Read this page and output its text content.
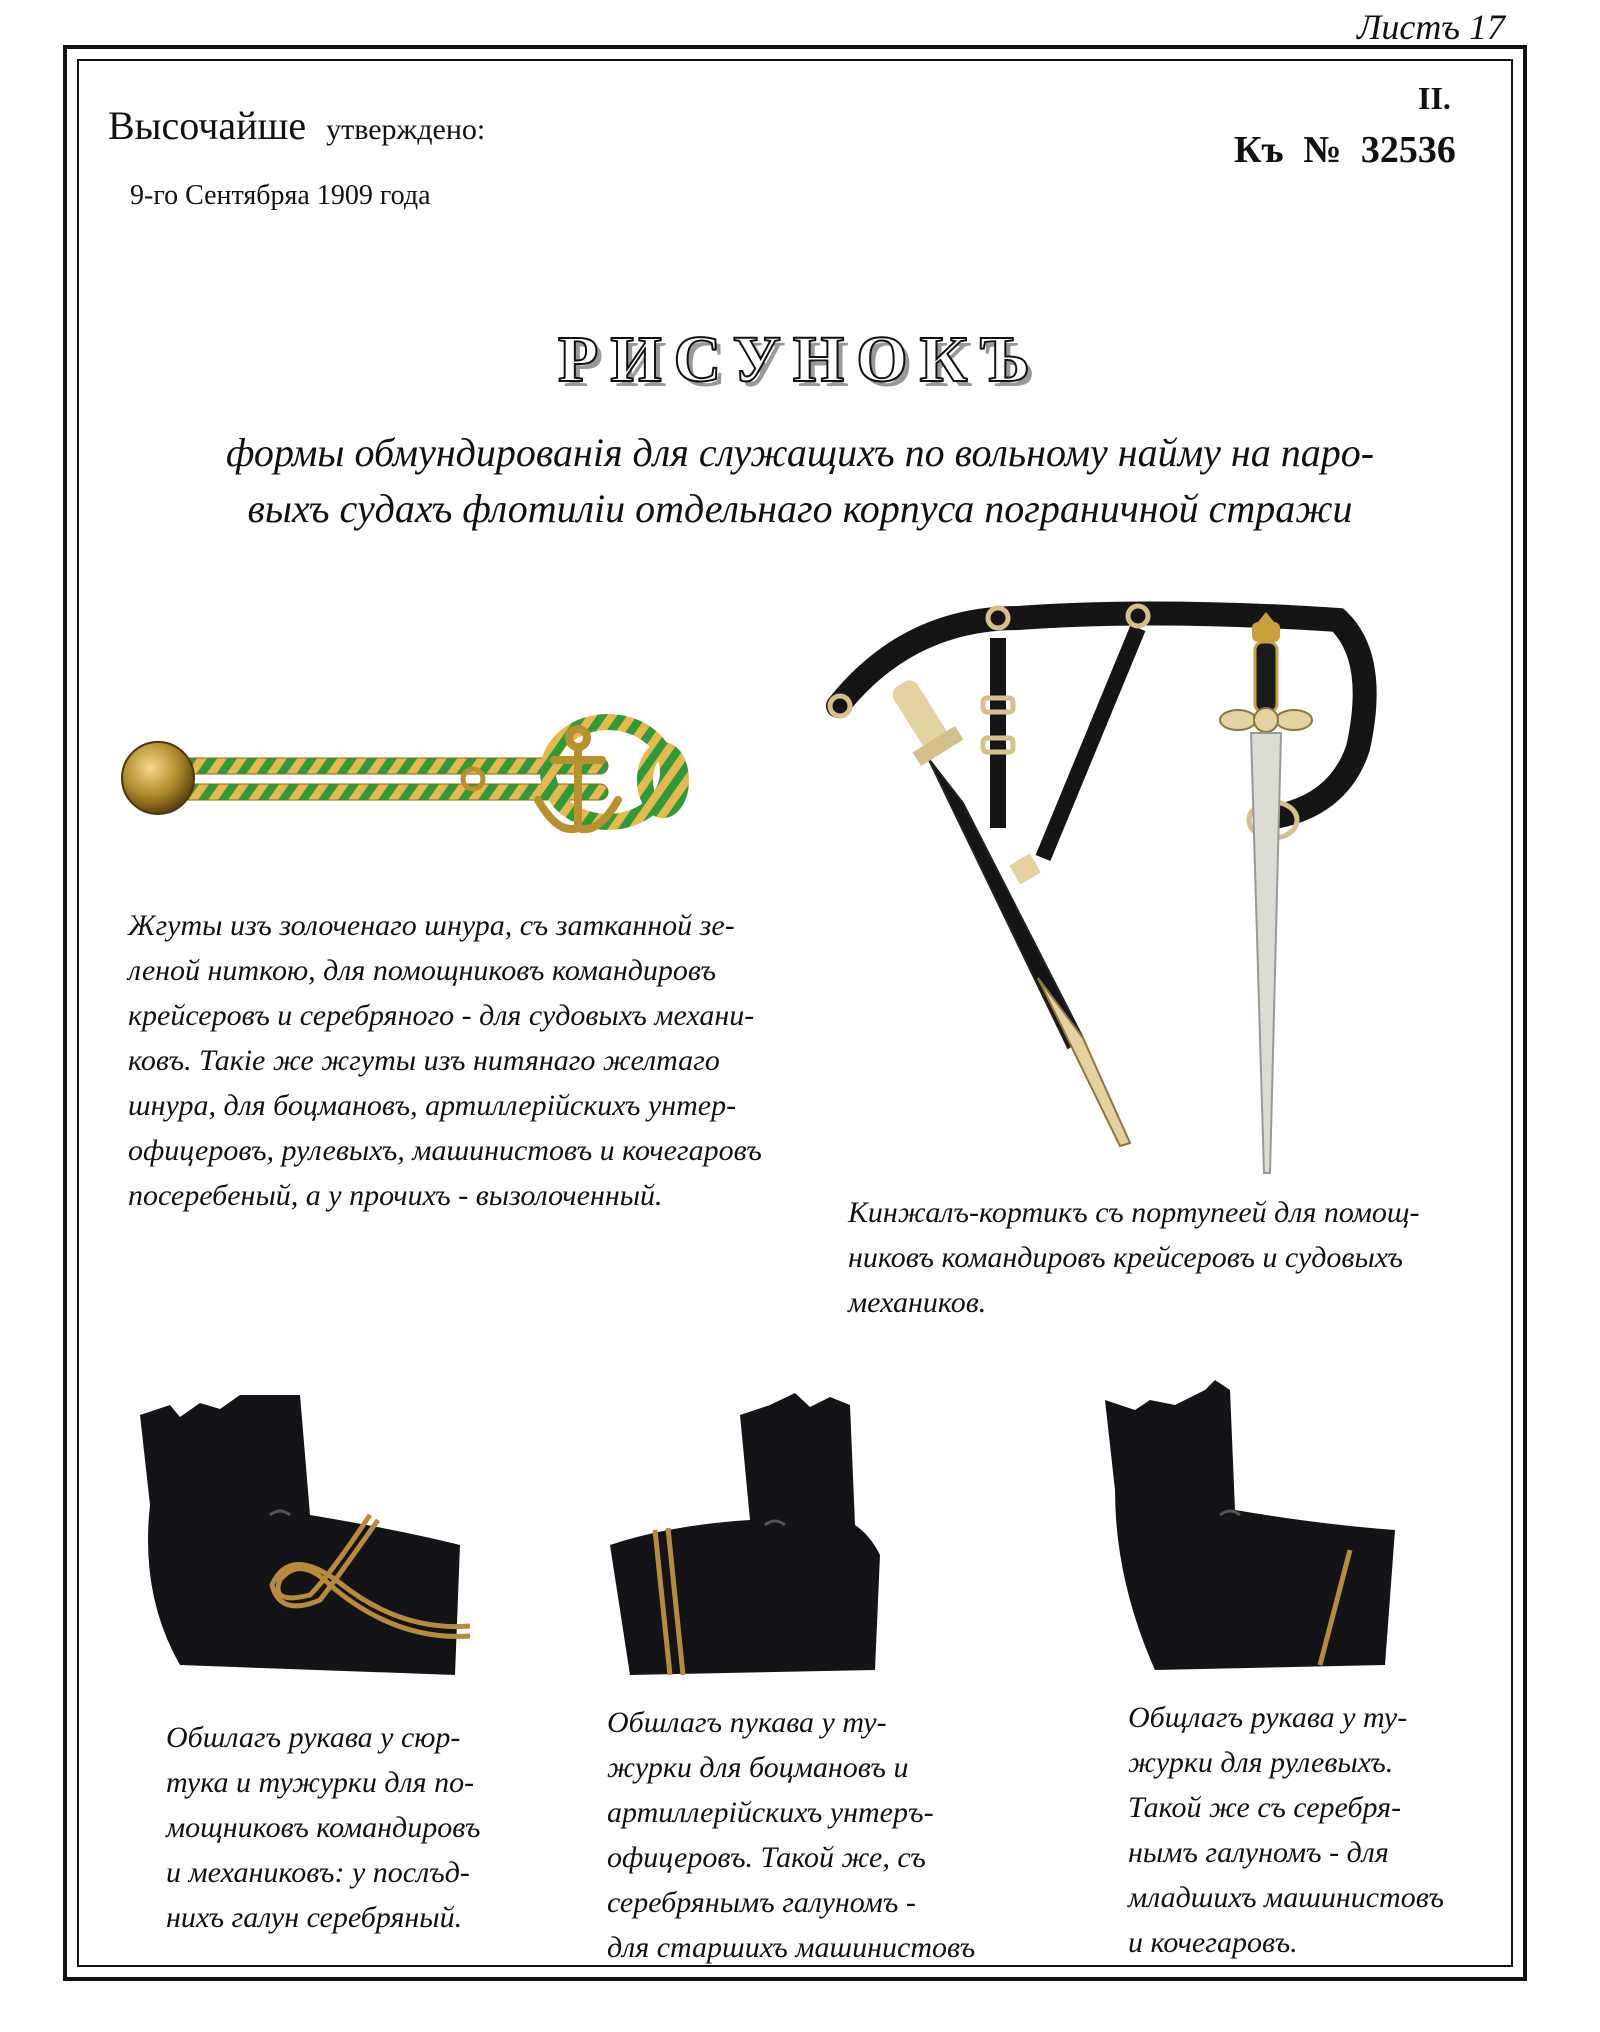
Листъ 17
Высочайше утверждено:
9-го Сентябряа 1909 года
II.
Къ № 32536
РИСУНОКЪ
формы обмундированія для служащихъ по вольному найму на паро-
выхъ судахъ флотиліи отдельнаго корпуса пограничной стражи
Жгуты изъ золоченаго шнура, съ затканной зе-
леной ниткою, для помощниковъ командировъ
крейсеровъ и серебряного - для судовыхъ механи-
ковъ. Такіе же жгуты изъ нитянаго желтаго
шнура, для боцмановъ, артиллерійскихъ унтер-
офицеровъ, рулевыхъ, машинистовъ и кочегаровъ
посеребеный, а у прочихъ - вызолоченный.
Кинжалъ-кортикъ съ портупеей для помощ-
никовъ командировъ крейсеровъ и судовыхъ
механиков.
Обшлагъ рукава у сюр-
тука и тужурки для по-
мощниковъ командировъ
и механиковъ: у послъд-
нихъ галун серебряный.
Обшлагъ пукава у ту-
журки для боцмановъ и
артиллерійскихъ унтеръ-
офицеровъ. Такой же, съ
серебрянымъ галуномъ -
для старшихъ машинистовъ
Общлагъ рукава у ту-
журки для рулевыхъ.
Такой же съ серебря-
нымъ галуномъ - для
младшихъ машинистовъ
и кочегаровъ.
